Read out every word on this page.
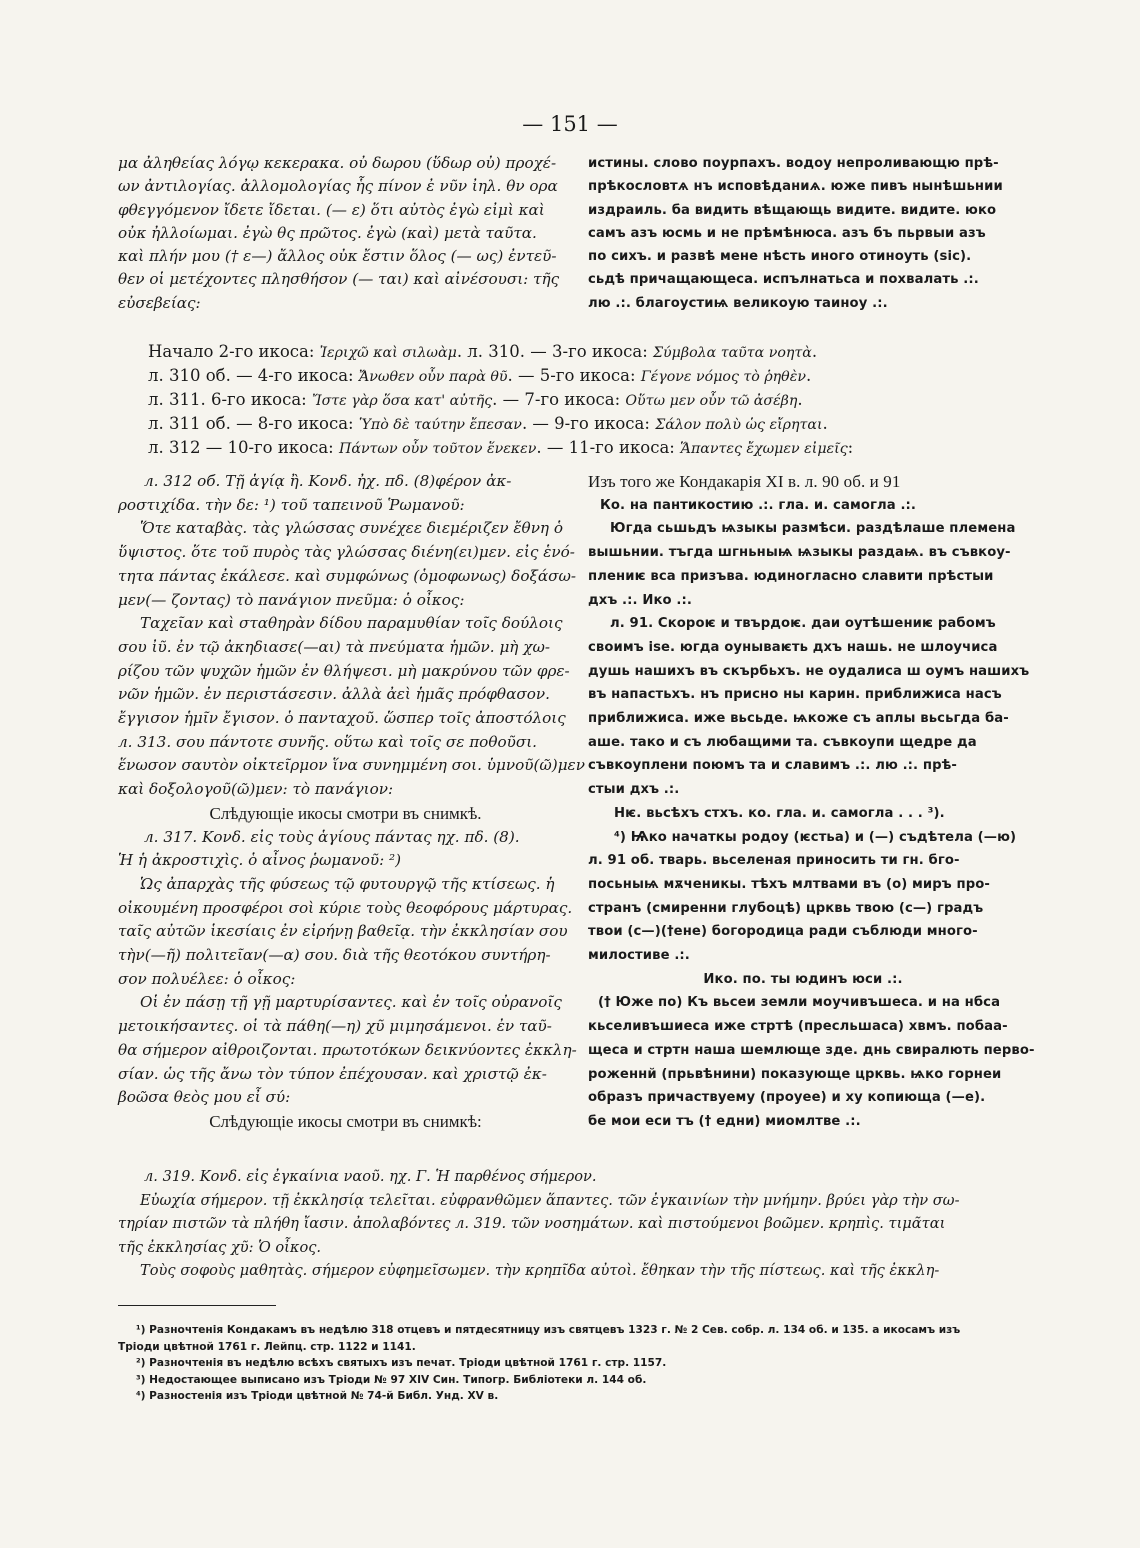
— 151 —

μα ἀληθείας λόγῳ κεκερακα. οὐ δωρου (ὕδωρ οὐ) προχέ-

ων ἀντιλογίας. ἀλλομολογίας ἧς πίνον ἐ νῦν ἰηλ. θν ορα

φθεγγόμενον ἴδετε ἴδεται. (— ε) ὅτι αὐτὸς ἐγὼ εἰμὶ καὶ

οὐκ ἠλλοίωμαι. ἐγὼ θς πρῶτος. ἐγὼ (καὶ) μετὰ ταῦτα.

καὶ πλήν μου († ε—) ἄλλος οὐκ ἔστιν ὅλος (— ως) ἐντεῦ-

θεν οἱ μετέχοντες πλησθήσον (— ται) καὶ αἰνέσουσι: τῆς

εὐσεβείας:

истины. слово поурпахъ. водоу непроливающю прѣ-

прѣкословтѧ нъ исповѣданиѧ. юже пивъ нынѣшьнии

издраиль. ба видить вѣщающь видите. видите. юко

самъ азъ юсмь и не прѣмѣнюса. азъ бъ пьрвыи азъ

по сихъ. и развѣ мене нѣсть иного отиноуть (sic).

сьдѣ причащающеса. испълнатьса и похвалать .:.

лю .:. благоустиѩ великоую таиноу .:.

Начало 2-го икоса: Ἰεριχῶ καὶ σιλωὰμ. л. 310. — 3-го икоса: Σύμβολα ταῦτα νοητὰ.
л. 310 об. — 4-го икоса: Ἄνωθεν οὖν παρὰ θῦ. — 5-го икоса: Γέγονε νόμος τὸ ῥηθὲν.
л. 311. 6-го икоса: Ἴστε γὰρ ὅσα κατ' αὐτῆς. — 7-го икоса: Οὕτω μεν οὖν τῶ ἀσέβη.
л. 311 об. — 8-го икоса: Ὑπὸ δὲ ταύτην ἔπεσαν. — 9-го икоса: Σάλον πολὺ ὡς εἴρηται.
л. 312 — 10-го икоса: Πάντων οὖν τοῦτον ἕνεκεν. — 11-го икоса: Ἅπαντες ἔχωμεν εἰμεῖς:

л. 312 об. Τῇ ἁγίᾳ ἢ. Κονδ. ἠχ. πδ. (8)φέρον ἀκ-

ροστιχίδα. τὴν δε: ¹) τοῦ ταπεινοῦ Ῥωμανοῦ:

Ὅτε καταβὰς. τὰς γλώσσας συνέχεε διεμέριζεν ἔθνη ὁ

ὕψιστος. ὅτε τοῦ πυρὸς τὰς γλώσσας διένη(ει)μεν. εἰς ἑνό-

τητα πάντας ἐκάλεσε. καὶ συμφώνως (ὁμοφωνως) δοξάσω-

μεν(— ζοντας) τὸ πανάγιον πνεῦμα: ὁ οἶκος:

Ταχεῖαν καὶ σταθηρὰν δίδου παραμυθίαν τοῖς δούλοις

σου ἰῦ. ἐν τῷ ἀκηδιασε(—αι) τὰ πνεύματα ἡμῶν. μὴ χω-

ρίζου τῶν ψυχῶν ἡμῶν ἐν θλήψεσι. μὴ μακρύνου τῶν φρε-

νῶν ἡμῶν. ἐν περιστάσεσιν. ἀλλὰ ἀεὶ ἡμᾶς πρόφθασον.

ἔγγισον ἡμῖν ἔγισον. ὁ πανταχοῦ. ὥσπερ τοῖς ἀποστόλοις

л. 313. σου πάντοτε συνῆς. οὕτω καὶ τοῖς σε ποθοῦσι.

ἕνωσον σαυτὸν οἰκτεῖρμον ἵνα συνημμένη σοι. ὑμνοῦ(ῶ)μεν

καὶ δοξολογοῦ(ῶ)μεν: τὸ πανάγιον:

Слѣдующіе икосы смотри въ снимкѣ.

л. 317. Κονδ. εἰς τοὺς ἁγίους πάντας ηχ. πδ. (8).

Ἡ ἡ ἀκροστιχὶς. ὁ αἶνος ῥωμανοῦ: ²)

Ὡς ἀπαρχὰς τῆς φύσεως τῷ φυτουργῷ τῆς κτίσεως. ἡ

οἰκουμένη προσφέροι σοὶ κύριε τοὺς θεοφόρους μάρτυρας.

ταῖς αὐτῶν ἱκεσίαις ἐν εἰρήνῃ βαθεῖᾳ. τὴν ἐκκλησίαν σου

τὴν(—ῆ) πολιτεῖαν(—α) σου. διὰ τῆς θεοτόκου συντήρη-

σον πολυέλεε: ὁ οἶκος:

Οἱ ἐν πάσῃ τῇ γῇ μαρτυρίσαντες. καὶ ἐν τοῖς οὐρανοῖς

μετοικήσαντες. οἱ τὰ πάθη(—η) χῦ μιμησάμενοι. ἐν ταῦ-

θα σήμερον αἰθροιζονται. πρωτοτόκων δεικνύοντες ἐκκλη-

σίαν. ὡς τῆς ἄνω τὸν τύπον ἐπέχουσαν. καὶ χριστῷ ἐκ-

βοῶσα θεὸς μου εἶ σύ:

Слѣдующіе икосы смотри въ снимкѣ:

Изъ того же Кондакарія XI в. л. 90 об. и 91

Ко. на пантикостию .:. гла. и. самогла .:.

Югда сьшьдъ ѩзыкы размѣси. раздѣлаше племена

вышьнии. тъгда шгньныѩ ѩзыкы раздаѩ. въ съвкоу-

плениѥ вса призъва. юдиногласно славити прѣстыи

дхъ .:. Ико .:.

л. 91. Скороѥ и твърдоѥ. даи оутѣшениѥ рабомъ

своимъ іѕе. югда оунываѥть дхъ нашь. не шлоучиса

душь нашихъ въ скърбьхъ. не оудалиса ш оумъ нашихъ

въ напастьхъ. нъ присно ны карин. приближиса насъ

приближиса. иже вьсьде. ѩкоже съ аплы вьсьгда ба-

аше. тако и съ любащими та. съвкоупи щедре да

съвкоуплени поюмъ та и славимъ .:. лю .:. прѣ-

стыи дхъ .:.

Нѥ. вьсѣхъ стхъ. ко. гла. и. самогла . . . ³).

⁴) Ѩко начаткы родоу (ѥстьа) и (—) съдѣтела (—ю)

л. 91 об. тварь. вьселеная приносить ти гн. бго-

посьныѩ мѫченикы. тѣхъ млтвами въ (о) миръ про-

странъ (смиренни глубоцѣ) црквь твою (с—) градъ

твои (с—)(†ене) богородица ради съблюди много-

милостиве .:.

Ико. по. ты юдинъ юси .:.

(† Юже по) Къ вьсеи земли моучивъшеса. и на нбса

кьселивъшиеса иже стртѣ (пресльшаса) хвмъ. побаа-

щеса и стртн наша шемлюще зде. днь свиралють перво-

роженнй (прьвѣнини) показующе црквь. ѩко горнеи

образъ причаствуему (проуее) и ху копиюща (—е).

бе мои еси тъ († едни) миомлтве .:.

л. 319. Κονδ. εἰς ἐγκαίνια ναοῦ. ηχ. Γ. Ἡ παρθένος σήμερον.

Εὐωχία σήμερον. τῇ ἐκκλησίᾳ τελεῖται. εὐφρανθῶμεν ἅπαντες. τῶν ἐγκαινίων τὴν μνήμην. βρύει γὰρ τὴν σω-

τηρίαν πιστῶν τὰ πλήθη ἴασιν. ἀπολαβόντες л. 319. τῶν νοσημάτων. καὶ πιστούμενοι βοῶμεν. κρηπὶς. τιμᾶται

τῆς ἐκκλησίας χῦ: Ὁ οἶκος.

Τοὺς σοφοὺς μαθητὰς. σήμερον εὐφημεῖσωμεν. τὴν κρηπῖδα αὐτοὶ. ἔθηκαν τὴν τῆς πίστεως. καὶ τῆς ἐκκλη-

¹) Разночтенія Кондакамъ въ недѣлю 318 отцевъ и пятдесятницу изъ святцевъ 1323 г. № 2 Сев. собр. л. 134 об. и 135. а икосамъ изъ

Тріоди цвѣтной 1761 г. Лейпц. стр. 1122 и 1141.

²) Разночтенія въ недѣлю всѣхъ святыхъ изъ печат. Тріоди цвѣтной 1761 г. стр. 1157.

³) Недостающее выписано изъ Тріоди № 97 XIV Син. Типогр. Библіотеки л. 144 об.

⁴) Разностенія изъ Тріоди цвѣтной № 74-й Библ. Унд. XV в.
